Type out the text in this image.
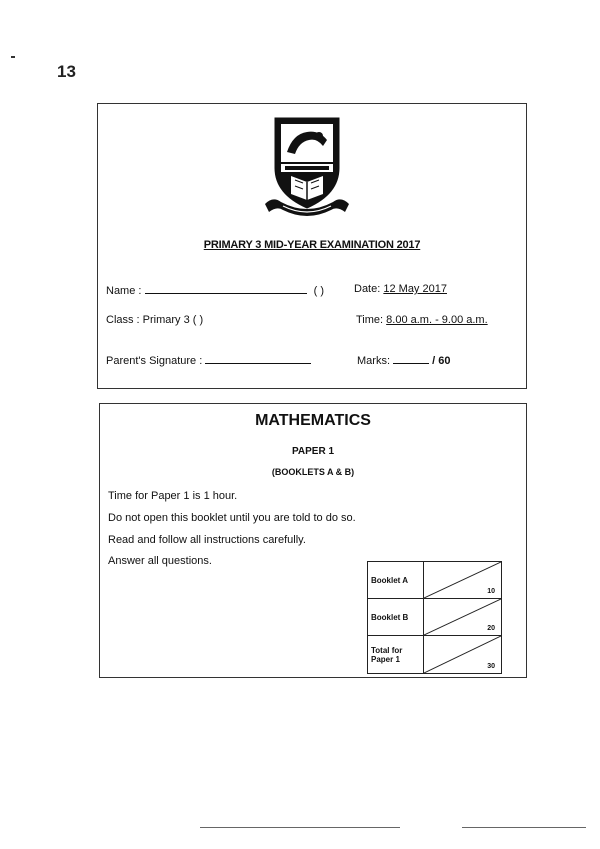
13
PRIMARY 3 MID-YEAR EXAMINATION 2017
Name :	( )	Date: 12 May 2017
Class : Primary 3 ( )	Time: 8.00 a.m. - 9.00 a.m.
Parent's Signature :	Marks:	/ 60
MATHEMATICS
PAPER 1
(BOOKLETS A & B)
Time for Paper 1 is 1 hour.
Do not open this booklet until you are told to do so.
Read and follow all instructions carefully.
Answer all questions.
Booklet A	10

Booklet B	20

Total for Paper 1	30
